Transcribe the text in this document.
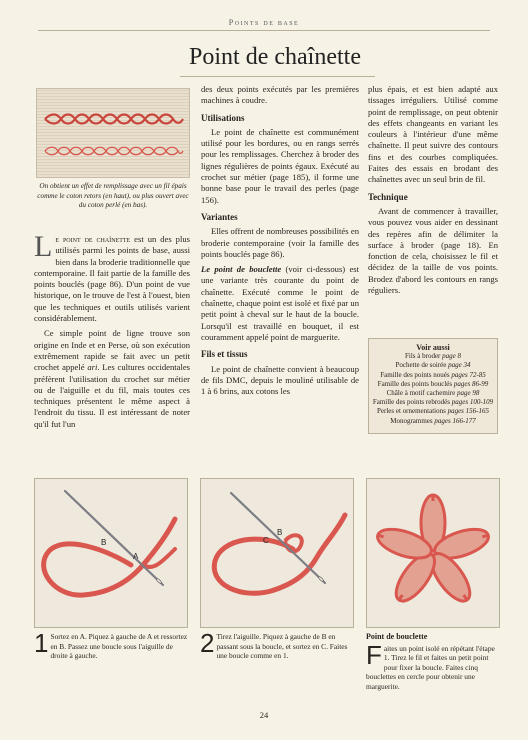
Points de base
Point de chaînette
On obtient un effet de remplissage avec un fil épais comme le coton retors (en haut), ou plus ouvert avec du coton perlé (en bas).

Le point de chaînette est un des plus utilisés parmi les points de base, aussi bien dans la broderie traditionnelle que contemporaine. Il fait partie de la famille des points bouclés (page 86). D'un point de vue historique, on le trouve de l'est à l'ouest, bien que les techniques et outils utilisés varient considérablement.

Ce simple point de ligne trouve son origine en Inde et en Perse, où son exécution extrêmement rapide se fait avec un petit crochet appelé ari. Les cultures occidentales préfèrent l'utilisation du crochet sur métier ou de l'aiguille et du fil, mais toutes ces techniques présentent le même aspect à l'endroit du tissu. Il est intéressant de noter qu'il fut l'un

des deux points exécutés par les premières machines à coudre.

Utilisations

Le point de chaînette est communément utilisé pour les bordures, ou en rangs serrés pour les remplissages. Cherchez à broder des lignes régulières de points égaux. Exécuté au crochet sur métier (page 185), il forme une bonne base pour le travail des perles (page 156).

Variantes

Elles offrent de nombreuses possibilités en broderie contemporaine (voir la famille des points bouclés page 86).

Le point de bouclette (voir ci-dessous) est une variante très courante du point de chaînette. Exécuté comme le point de chaînette, chaque point est isolé et fixé par un petit point à cheval sur le haut de la boucle. Lorsqu'il est travaillé en bouquet, il est couramment appelé point de marguerite.

Fils et tissus

Le point de chaînette convient à beaucoup de fils DMC, depuis le mouliné utilisable de 1 à 6 brins, aux cotons les

plus épais, et est bien adapté aux tissages irréguliers. Utilisé comme point de remplissage, on peut obtenir des effets changeants en variant les couleurs à l'intérieur d'une même chaînette. Il peut suivre des contours fins et des courbes compliquées. Faites des essais en brodant des chaînettes avec un seul brin de fil.

Technique

Avant de commencer à travailler, vous pouvez vous aider en dessinant des repères afin de délimiter la surface à broder (page 18). En fonction de cela, choisissez le fil et décidez de la taille de vos points. Brodez d'abord les contours en rangs réguliers.

Voir aussi
Fils à broder page 8
Pochette de soirée page 34
Famille des points noués pages 72-85
Famille des points bouclés pages 86-99
Châle à motif cachemire page 98
Famille des points rebrodés pages 100-109
Perles et ornementations pages 156-165
Monogrammes pages 166-177
B
A
1 Sortez en A. Piquez à gauche de A et ressortez en B. Passez une boucle sous l'aiguille de droite à gauche.
C
B
2 Tirez l'aiguille. Piquez à gauche de B en passant sous la boucle, et sortez en C. Faites une boucle comme en 1.
Point de bouclette
F aites un point isolé en répétant l'étape 1. Tirez le fil et faites un petit point pour fixer la boucle. Faites cinq bouclettes en cercle pour obtenir une marguerite.
24
